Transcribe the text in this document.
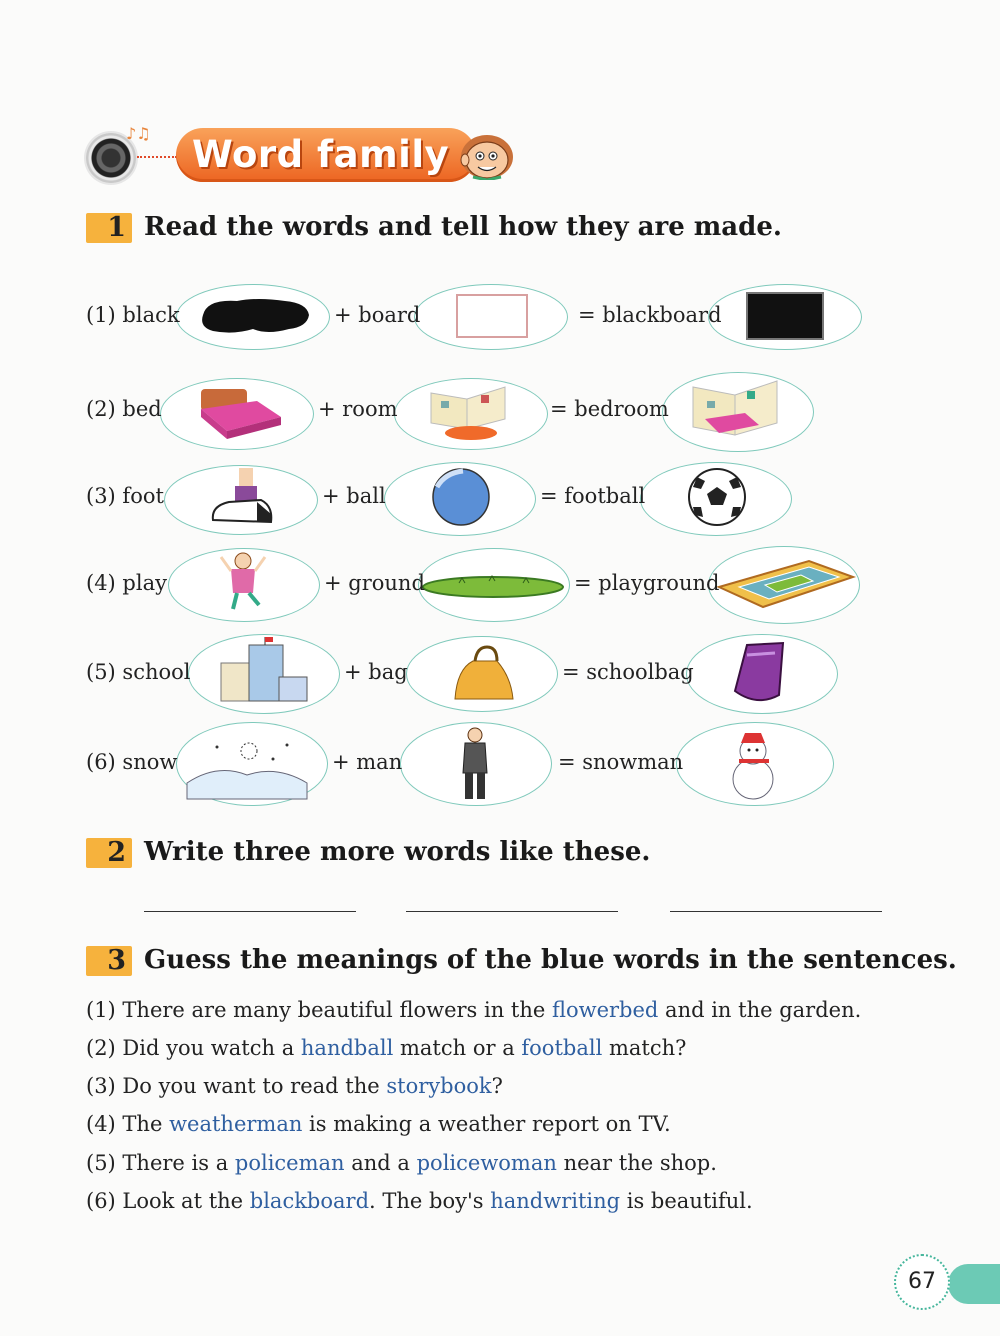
♪♫ Word family
1 Read the words and tell how they are made.
(1) black	+ board	= blackboard
(2) bed	+ room	= bedroom
(3) foot	+ ball	= football
(4) play	+ ground	= playground
(5) school	+ bag	= schoolbag
(6) snow	+ man	= snowman
2 Write three more words like these.
3 Guess the meanings of the blue words in the sentences.
(1) There are many beautiful flowers in the flowerbed and in the garden.
(2) Did you watch a handball match or a football match?
(3) Do you want to read the storybook?
(4) The weatherman is making a weather report on TV.
(5) There is a policeman and a policewoman near the shop.
(6) Look at the blackboard. The boy's handwriting is beautiful.
67
